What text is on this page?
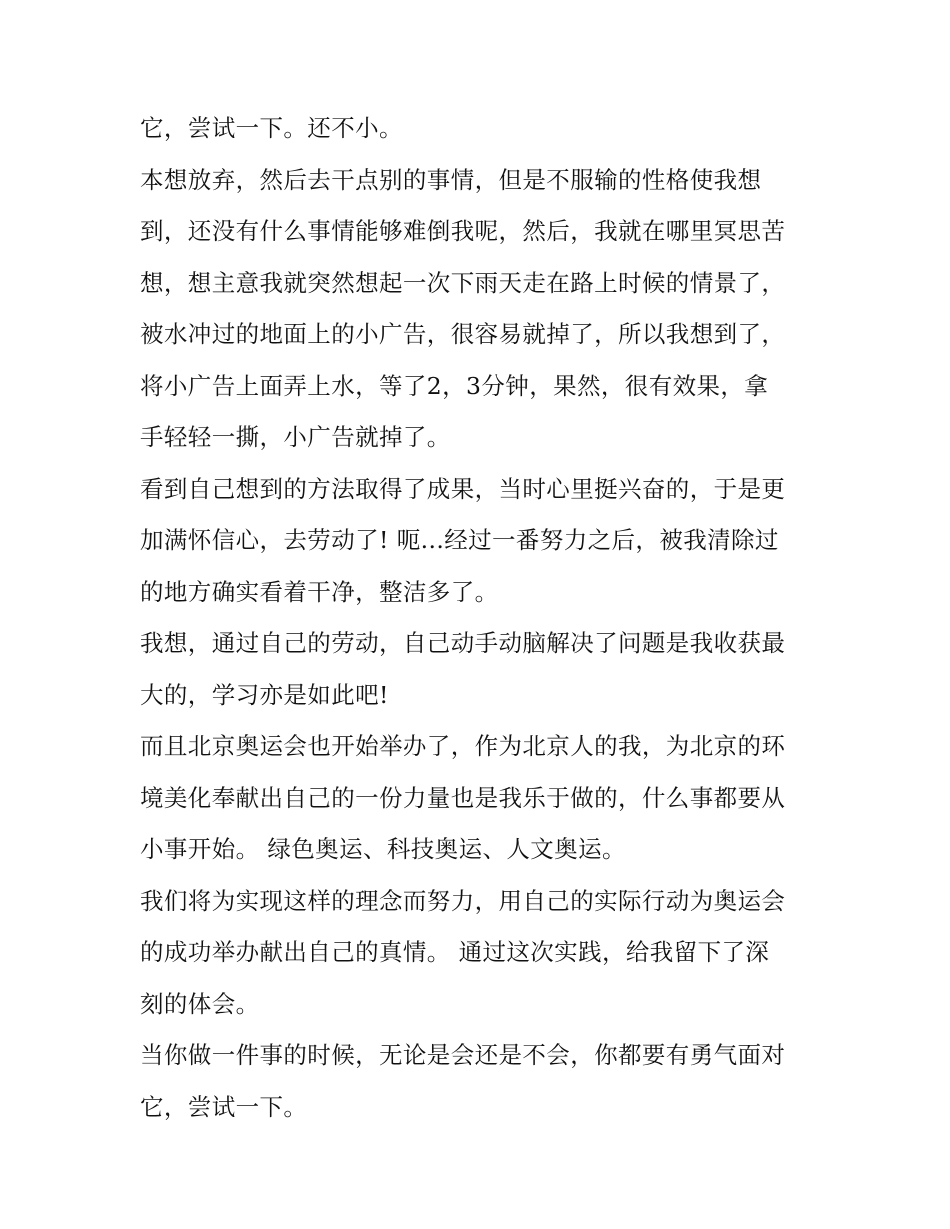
它，尝试一下。还不小。
本想放弃，然后去干点别的事情，但是不服输的性格使我想
到，还没有什么事情能够难倒我呢，然后，我就在哪里冥思苦
想，想主意我就突然想起一次下雨天走在路上时候的情景了，
被水冲过的地面上的小广告，很容易就掉了，所以我想到了，
将小广告上面弄上水，等了2，3分钟，果然，很有效果，拿
手轻轻一撕，小广告就掉了。
看到自己想到的方法取得了成果，当时心里挺兴奋的，于是更
加满怀信心，去劳动了! 呃...经过一番努力之后，被我清除过
的地方确实看着干净，整洁多了。
我想，通过自己的劳动，自己动手动脑解决了问题是我收获最
大的，学习亦是如此吧!
而且北京奥运会也开始举办了，作为北京人的我，为北京的环
境美化奉献出自己的一份力量也是我乐于做的，什么事都要从
小事开始。 绿色奥运、科技奥运、人文奥运。
我们将为实现这样的理念而努力，用自己的实际行动为奥运会
的成功举办献出自己的真情。 通过这次实践，给我留下了深
刻的体会。
当你做一件事的时候，无论是会还是不会，你都要有勇气面对
它，尝试一下。
